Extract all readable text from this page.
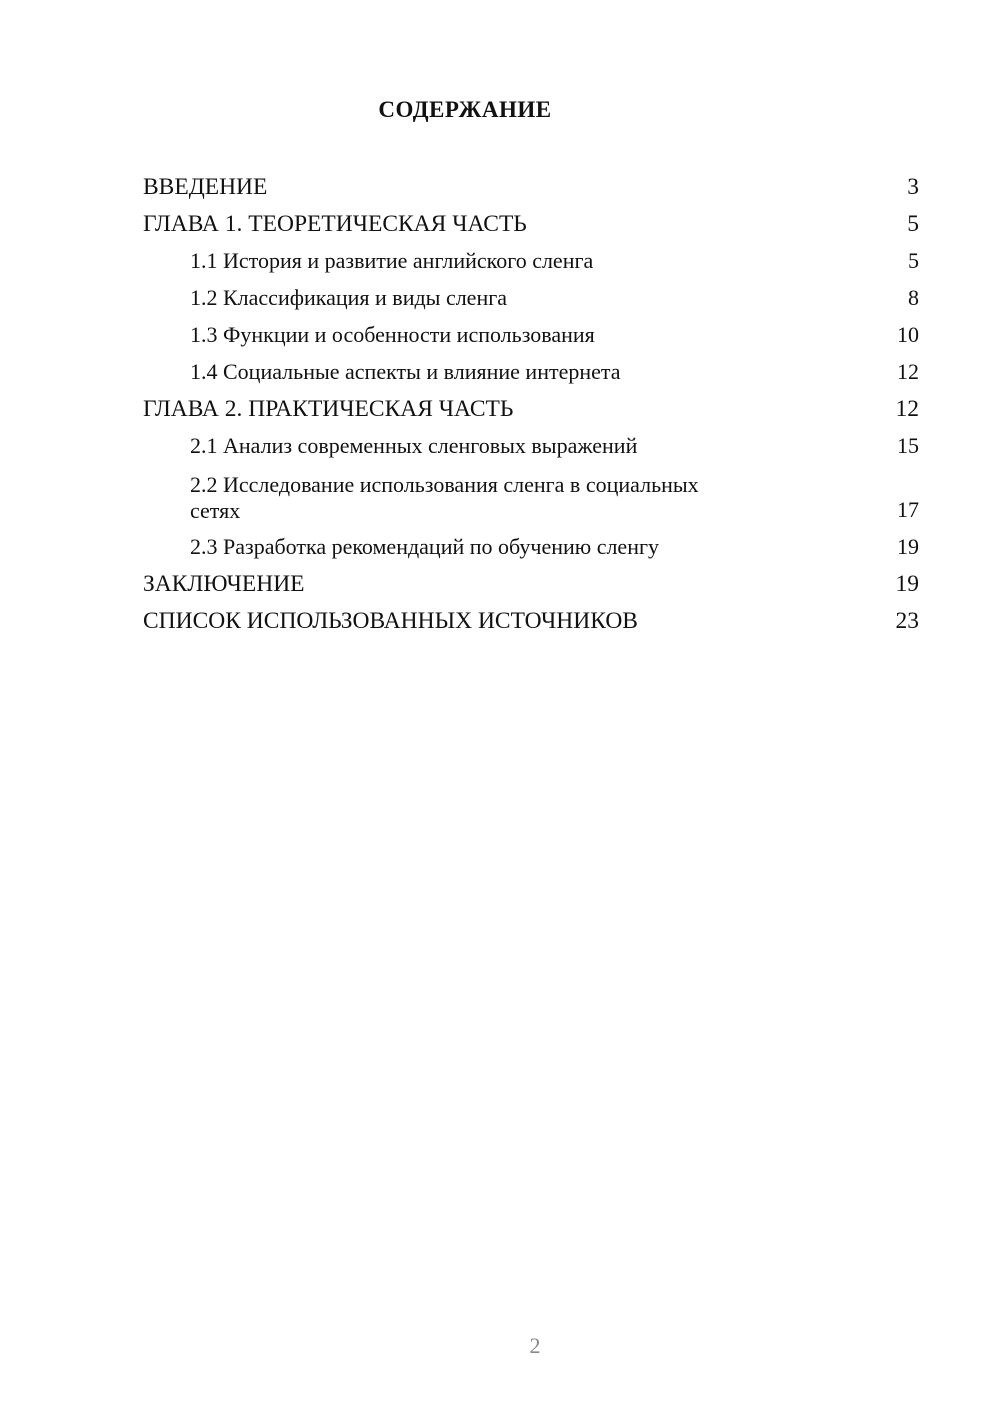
СОДЕРЖАНИЕ
ВВЕДЕНИЕ	3
ГЛАВА 1. ТЕОРЕТИЧЕСКАЯ ЧАСТЬ	5
1.1 История и развитие английского сленга	5
1.2 Классификация и виды сленга	8
1.3 Функции и особенности использования	10
1.4 Социальные аспекты и влияние интернета	12
ГЛАВА 2. ПРАКТИЧЕСКАЯ ЧАСТЬ	12
2.1 Анализ современных сленговых выражений	15
2.2 Исследование использования сленга в социальных сетях	17
2.3 Разработка рекомендаций по обучению сленгу	19
ЗАКЛЮЧЕНИЕ	19
СПИСОК ИСПОЛЬЗОВАННЫХ ИСТОЧНИКОВ	23
2
